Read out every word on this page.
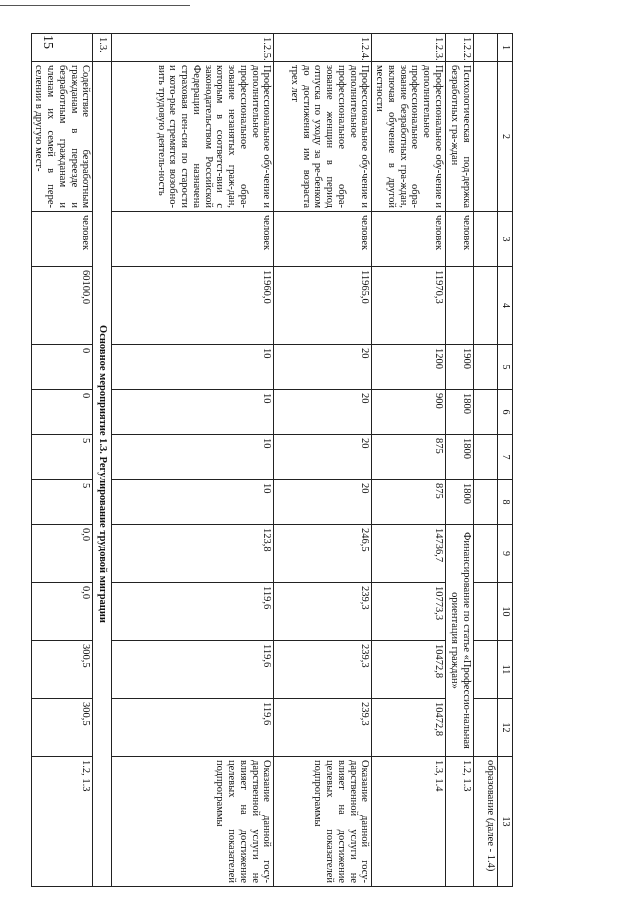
15	1	2	3	4	5	6	7	8	9	10	11	12	13
												образование (далее - 1.4)
1.2.2.	Психологическая под-держка безработных гра-ждан	человек		1900	1800	1800	1800	Финансирование по статье «Профессио-нальная ориентация граждан»				1.2, 1.3
1.2.3.	Профессиональное обу-чение и дополнительное профессиональное обра-зование безработных гра-ждан, включая обучение в другой местности	человек	11970,3	1200	900	875	875	14736,7	10773,3	10472,8	10472,8	1.3, 1.4
1.2.4.	Профессиональное обу-чение и дополнительное профессиональное обра-зование женщин в период отпуска по уходу за ре-бенком до достижения им возраста трех лет	человек	11965,0	20	20	20	20	246,5	239,3	239,3	239,3	Оказание данной госу-дарственной услуги не влияет на достижение целевых показателей подпрограммы
1.2.5.	Профессиональное обу-чение и дополнительное профессиональное обра-зование незанятых граж-дан, которым в соответст-вии с законодательством Российской Федерации назначена страховая пен-сия по старости и кото-рые стремятся возобно-вить трудовую деятель-ность	человек	11960,0	10	10	10	10	123,8	119,6	119,6	119,6	Оказание данной госу-дарственной услуги не влияет на достижение целевых показателей подпрограммы
1.3.	Основное мероприятие 1.3. Регулирование трудовой миграции											
	Содействие безработным гражданам в переезде и безработным гражданам и членам их семей в пере-селении в другую мест-	человек	60100,0	0	0	5	5	0,0	0,0	300,5	300,5	1.2, 1.3
